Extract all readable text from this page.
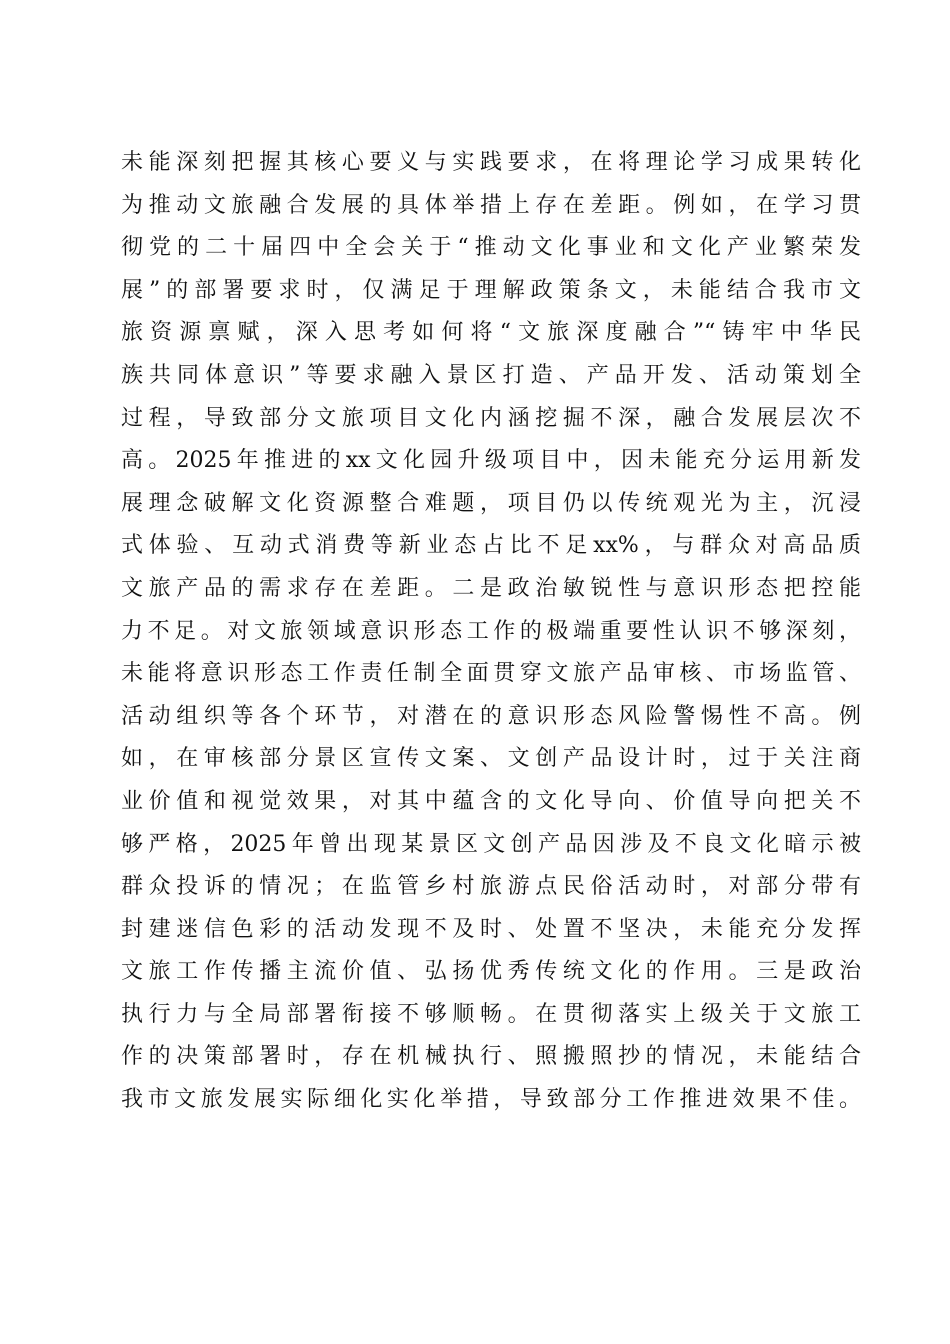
未能深刻把握其核心要义与实践要求，在将理论学习成果转化
为推动文旅融合发展的具体举措上存在差距。例如，在学习贯
彻党的二十届四中全会关于“推动文化事业和文化产业繁荣发
展”的部署要求时，仅满足于理解政策条文，未能结合我市文
旅资源禀赋，深入思考如何将“文旅深度融合”“铸牢中华民
族共同体意识”等要求融入景区打造、产品开发、活动策划全
过程，导致部分文旅项目文化内涵挖掘不深，融合发展层次不
高。2025年推进的xx文化园升级项目中，因未能充分运用新发
展理念破解文化资源整合难题，项目仍以传统观光为主，沉浸
式体验、互动式消费等新业态占比不足xx%，与群众对高品质
文旅产品的需求存在差距。二是政治敏锐性与意识形态把控能
力不足。对文旅领域意识形态工作的极端重要性认识不够深刻，
未能将意识形态工作责任制全面贯穿文旅产品审核、市场监管、
活动组织等各个环节，对潜在的意识形态风险警惕性不高。例
如，在审核部分景区宣传文案、文创产品设计时，过于关注商
业价值和视觉效果，对其中蕴含的文化导向、价值导向把关不
够严格，2025年曾出现某景区文创产品因涉及不良文化暗示被
群众投诉的情况；在监管乡村旅游点民俗活动时，对部分带有
封建迷信色彩的活动发现不及时、处置不坚决，未能充分发挥
文旅工作传播主流价值、弘扬优秀传统文化的作用。三是政治
执行力与全局部署衔接不够顺畅。在贯彻落实上级关于文旅工
作的决策部署时，存在机械执行、照搬照抄的情况，未能结合
我市文旅发展实际细化实化举措，导致部分工作推进效果不佳。
